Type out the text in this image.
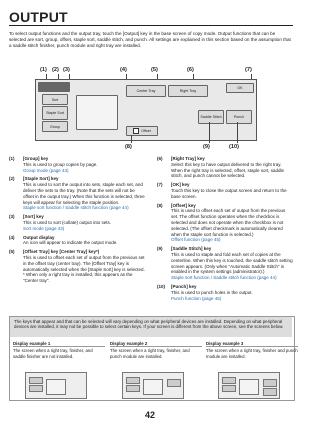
OUTPUT
To select output functions and the output tray, touch the [Output] key in the base screen of copy mode. Output functions that can be selected are sort, group, offset, staple sort, saddle stitch, and punch. All settings are explained in this section based on the assumption that a saddle stitch finisher, punch module and right tray are installed.
(1) (2) (3)	(4)	(5)	(6)	(7)
Sort
Staple Sort
Group
Center Tray	Right Tray
OK
Saddle Stitch	Punch
Offset
(8)	(9)	(10)
(1) [Group] key
This is used to group copies by page.
Group mode (page 43)
(2) [Staple Sort] key
This is used to sort the output into sets, staple each set, and deliver the sets to the tray. (Note that the sets will not be offset in the output tray.) When this function is selected, three keys will appear for selecting the staple position.
Staple sort function / Saddle stitch function (page 44)
(3) [Sort] key
This is used to sort (collate) output into sets.
Sort mode (page 43)
(4) Output display
An icon will appear to indicate the output mode.
(5) [Offset Tray] key [Center Tray] key*)
This is used to offset each set of output from the previous set in the offset tray (center tray). The [Offset Tray] key is automatically selected when the [Staple Sort] key is selected. * When only a right tray is installed, this appears as the "Center tray".
(6) [Right Tray] key
Select this key to have output delivered to the right tray. When the right tray is selected, offset, staple sort, saddle stitch, and punch cannot be selected.
(7) [OK] key
Touch this key to close the output screen and return to the base screen.
(8) [Offset] key
This is used to offset each set of output from the previous set. The offset function operates when the checkbox is selected and does not operate when the checkbox is not selected. (The offset checkmark is automatically cleared when the staple sort function is selected.)
Offset function (page 45)
(9) [Saddle Stitch] key
This is used to staple and fold each set of copies at the centerline. When this key is touched, the saddle stitch setting screen appears. (Only when "Automatic Saddle Stitch" is enabled in the system settings (administrator).)
Staple sort function / Saddle stitch function (page 44)
(10) [Punch] key
This is used to punch holes in the output.
Punch function (page 46)
The keys that appear and that can be selected will vary depending on what peripheral devices are installed. Depending on what peripheral devices are installed, it may not be possible to select certain keys. If your screen is different from the above screen, see the screens below.
Display example 1
The screen when a right tray, finisher, and saddle finisher are not installed.
Display example 2
The screen when a right tray, finisher, and punch module are installed.
Display example 3
The screen when a right tray, finisher and punch module are installed.
42
